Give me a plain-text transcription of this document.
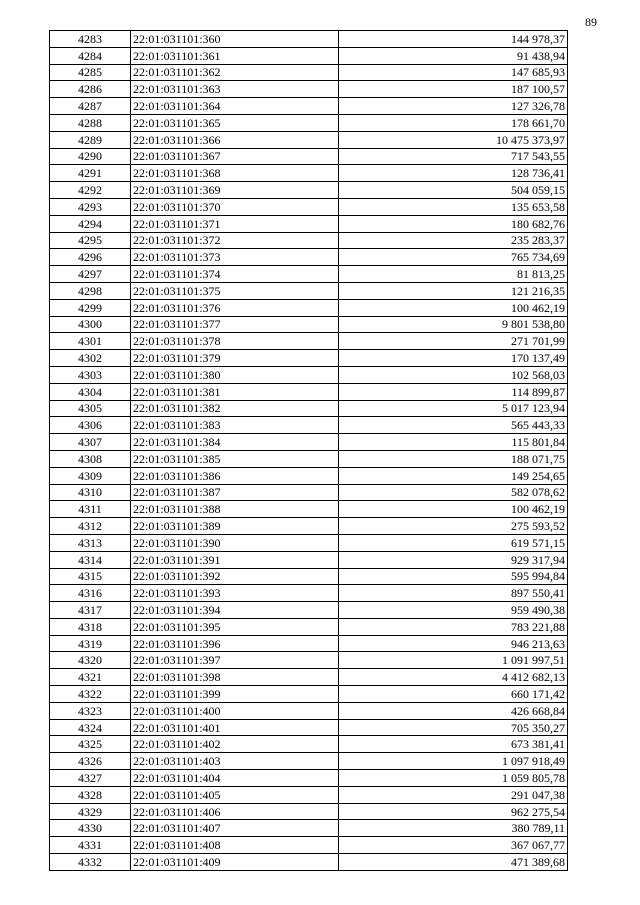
89
4283	22:01:031101:360	144 978,37
4284	22:01:031101:361	91 438,94
4285	22:01:031101:362	147 685,93
4286	22:01:031101:363	187 100,57
4287	22:01:031101:364	127 326,78
4288	22:01:031101:365	178 661,70
4289	22:01:031101:366	10 475 373,97
4290	22:01:031101:367	717 543,55
4291	22:01:031101:368	128 736,41
4292	22:01:031101:369	504 059,15
4293	22:01:031101:370	135 653,58
4294	22:01:031101:371	180 682,76
4295	22:01:031101:372	235 283,37
4296	22:01:031101:373	765 734,69
4297	22:01:031101:374	81 813,25
4298	22:01:031101:375	121 216,35
4299	22:01:031101:376	100 462,19
4300	22:01:031101:377	9 801 538,80
4301	22:01:031101:378	271 701,99
4302	22:01:031101:379	170 137,49
4303	22:01:031101:380	102 568,03
4304	22:01:031101:381	114 899,87
4305	22:01:031101:382	5 017 123,94
4306	22:01:031101:383	565 443,33
4307	22:01:031101:384	115 801,84
4308	22:01:031101:385	188 071,75
4309	22:01:031101:386	149 254,65
4310	22:01:031101:387	582 078,62
4311	22:01:031101:388	100 462,19
4312	22:01:031101:389	275 593,52
4313	22:01:031101:390	619 571,15
4314	22:01:031101:391	929 317,94
4315	22:01:031101:392	595 994,84
4316	22:01:031101:393	897 550,41
4317	22:01:031101:394	959 490,38
4318	22:01:031101:395	783 221,88
4319	22:01:031101:396	946 213,63
4320	22:01:031101:397	1 091 997,51
4321	22:01:031101:398	4 412 682,13
4322	22:01:031101:399	660 171,42
4323	22:01:031101:400	426 668,84
4324	22:01:031101:401	705 350,27
4325	22:01:031101:402	673 381,41
4326	22:01:031101:403	1 097 918,49
4327	22:01:031101:404	1 059 805,78
4328	22:01:031101:405	291 047,38
4329	22:01:031101:406	962 275,54
4330	22:01:031101:407	380 789,11
4331	22:01:031101:408	367 067,77
4332	22:01:031101:409	471 389,68
